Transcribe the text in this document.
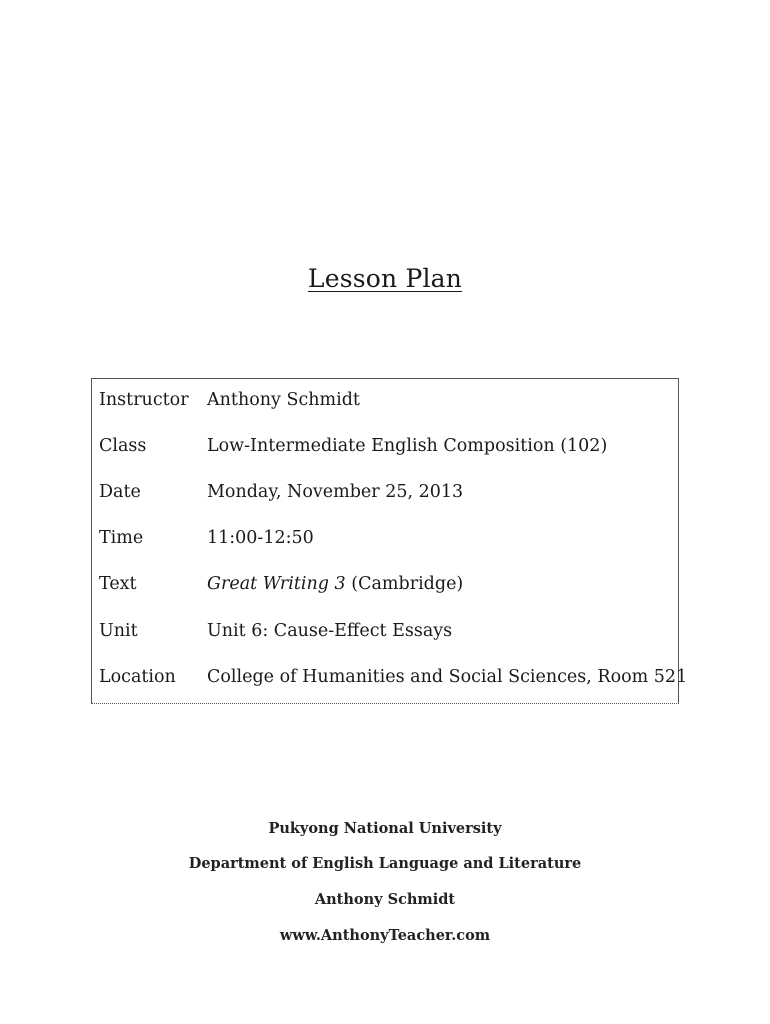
Lesson Plan
Instructor Anthony Schmidt
Class	Low-Intermediate English Composition (102)
Date	Monday, November 25, 2013
Time	11:00-12:50
Text	Great Writing 3 (Cambridge)
Unit	Unit 6: Cause-Effect Essays
Location College of Humanities and Social Sciences, Room 521
Pukyong National University
Department of English Language and Literature
Anthony Schmidt
www.AnthonyTeacher.com
